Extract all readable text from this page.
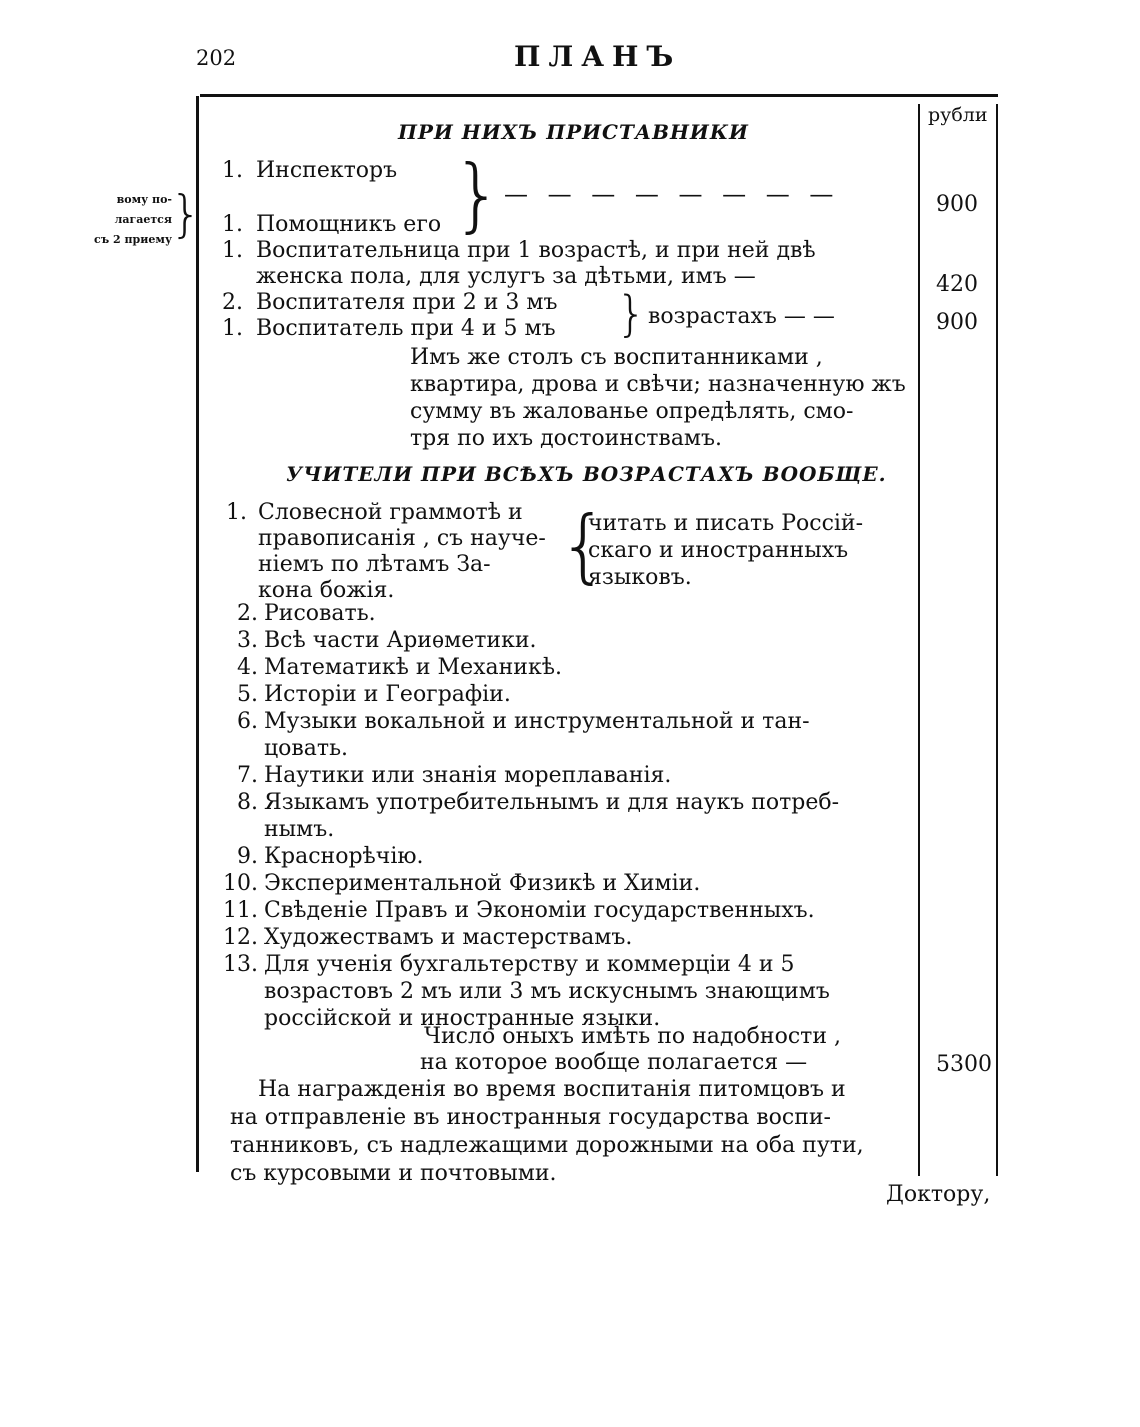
202	ПЛАНЪ
рубли
вому по-
лагается
съ 2 приему
}
ПРИ НИХЪ ПРИСТАВНИКИ
1. Инспекторъ
1. Помощникъ его } — — — — — — — —	900
1. Воспитательница при 1 возрастѣ, и при ней двѣ
женска пола, для услугъ за дѣтьми, имъ —	420
2. Воспитателя при 2 и 3 мъ
1. Воспитатель при 4 и 5 мъ } возрастахъ — —	900
Имъ же столъ съ воспитанниками ,
квартира, дрова и свѣчи; назначенную жъ
сумму въ жалованье опредѣлять, смо-
тря по ихъ достоинствамъ.
УЧИТЕЛИ ПРИ ВСѢХЪ ВОЗРАСТАХЪ ВООБЩЕ.
1. Словесной граммотѣ и
правописанія , съ науче-
ніемъ по лѣтамъ За-
кона божія.	{
читать и писать Россій-
скаго и иностранныхъ
языковъ.
2. Рисовать.
3. Всѣ части Ариѳметики.
4. Математикѣ и Механикѣ.
5. Исторіи и Географіи.
6. Музыки вокальной и инструментальной и тан-
цовать.
7. Наутики или знанія мореплаванія.
8. Языкамъ употребительнымъ и для наукъ потреб-
нымъ.
9. Краснорѣчію.
10. Экспериментальной Физикѣ и Химіи.
11. Свѣденіе Правъ и Экономіи государственныхъ.
12. Художествамъ и мастерствамъ.
13. Для ученія бухгальтерству и коммерціи 4 и 5
возрастовъ 2 мъ или 3 мъ искуснымъ знающимъ
россійской и иностранные языки.
Число оныхъ имѣть по надобности ,
на которое вообще полагается —	5300
На награжденія во время воспитанія питомцовъ и
на отправленіе въ иностранныя государства воспи-
танниковъ, съ надлежащими дорожными на оба пути,
съ курсовыми и почтовыми.
Доктору,
